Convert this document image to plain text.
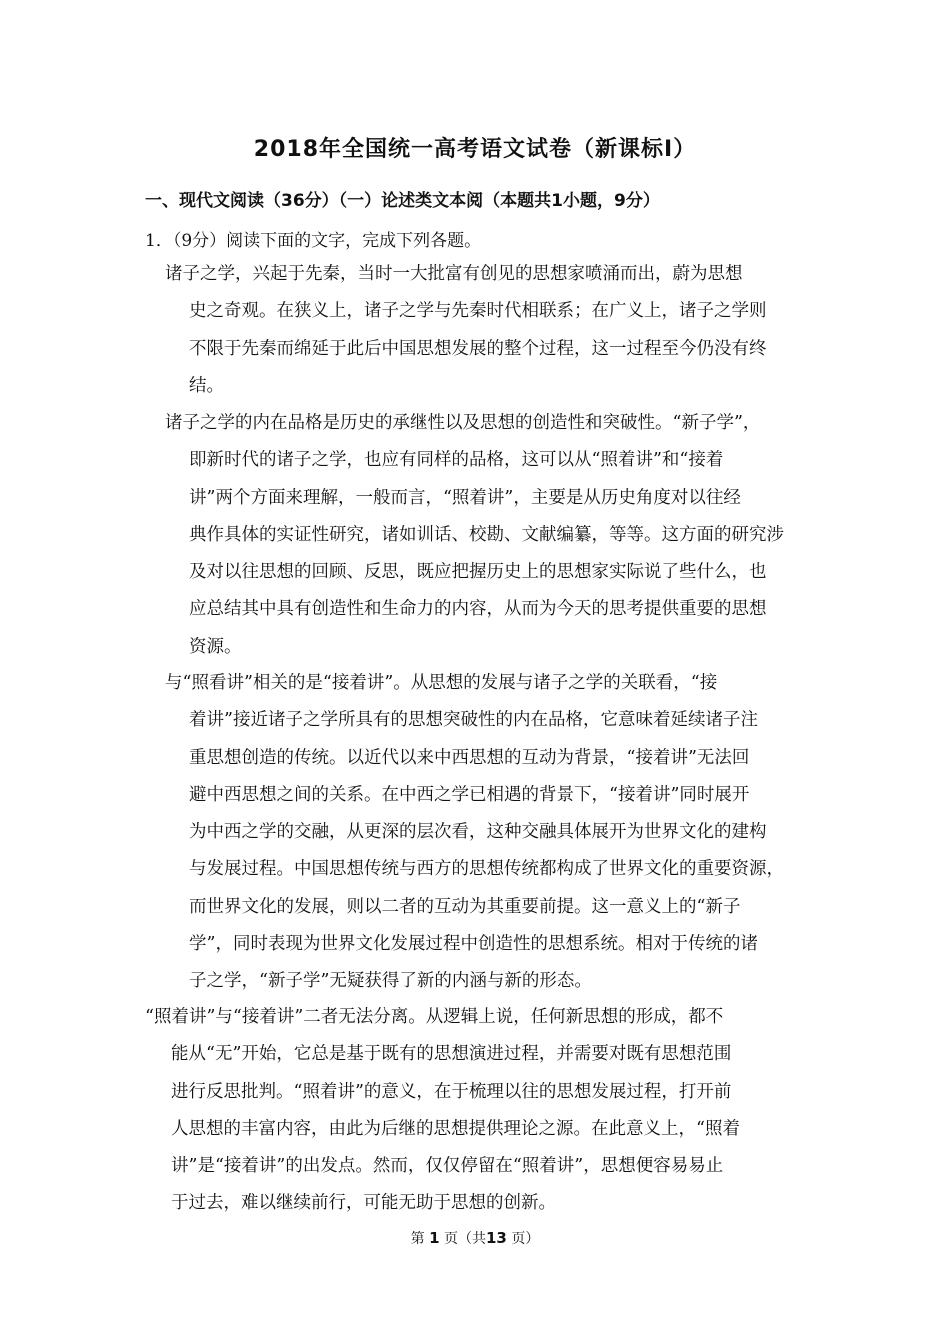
2018年全国统一高考语文试卷（新课标Ⅰ）
一、现代文阅读（36分）（一）论述类文本阅（本题共1小题，9分）
1．（9分）阅读下面的文字，完成下列各题。
诸子之学，兴起于先秦，当时一大批富有创见的思想家喷涌而出，蔚为思想
史之奇观。在狭义上，诸子之学与先秦时代相联系；在广义上，诸子之学则
不限于先秦而绵延于此后中国思想发展的整个过程，这一过程至今仍没有终
结。
诸子之学的内在品格是历史的承继性以及思想的创造性和突破性。“新子学”，
即新时代的诸子之学，也应有同样的品格，这可以从“照着讲”和“接着
讲”两个方面来理解，一般而言，“照着讲”，主要是从历史角度对以往经
典作具体的实证性研究，诸如训话、校勘、文献编纂，等等。这方面的研究涉
及对以往思想的回顾、反思，既应把握历史上的思想家实际说了些什么，也
应总结其中具有创造性和生命力的内容，从而为今天的思考提供重要的思想
资源。
与“照看讲”相关的是“接着讲”。从思想的发展与诸子之学的关联看，“接
着讲”接近诸子之学所具有的思想突破性的内在品格，它意味着延续诸子注
重思想创造的传统。以近代以来中西思想的互动为背景，“接着讲”无法回
避中西思想之间的关系。在中西之学已相遇的背景下，“接着讲”同时展开
为中西之学的交融，从更深的层次看，这种交融具体展开为世界文化的建构
与发展过程。中国思想传统与西方的思想传统都构成了世界文化的重要资源，
而世界文化的发展，则以二者的互动为其重要前提。这一意义上的“新子
学”，同时表现为世界文化发展过程中创造性的思想系统。相对于传统的诸
子之学，“新子学”无疑获得了新的内涵与新的形态。
“照着讲”与“接着讲”二者无法分离。从逻辑上说，任何新思想的形成，都不
能从“无”开始，它总是基于既有的思想演进过程，并需要对既有思想范围
进行反思批判。“照着讲”的意义，在于梳理以往的思想发展过程，打开前
人思想的丰富内容，由此为后继的思想提供理论之源。在此意义上，“照着
讲”是“接着讲”的出发点。然而，仅仅停留在“照着讲”，思想便容易易止
于过去，难以继续前行，可能无助于思想的创新。
第 1 页（共13 页）
